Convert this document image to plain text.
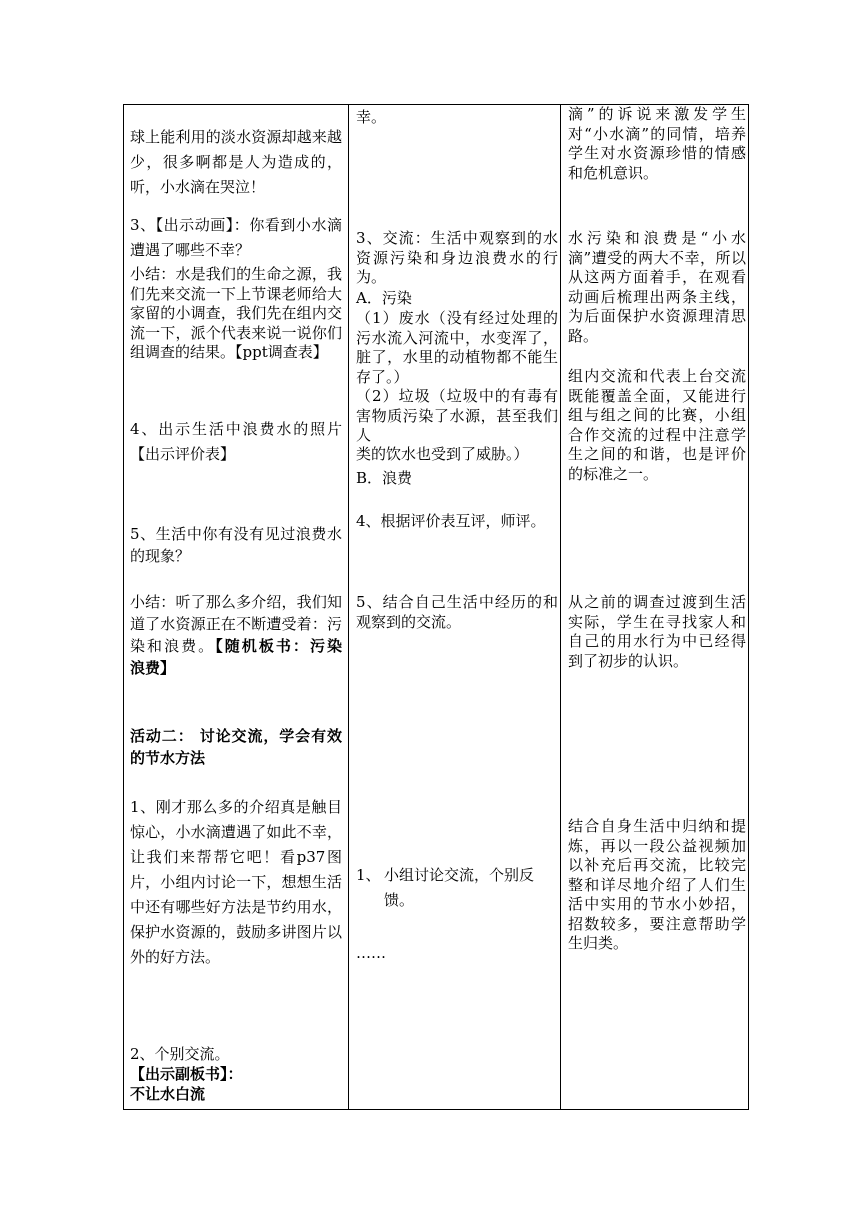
球上能利用的淡水资源却越来越少，很多啊都是人为造成的，听，小水滴在哭泣！

3、【出示动画】：你看到小水滴遭遇了哪些不幸？

小结：水是我们的生命之源，我们先来交流一下上节课老师给大家留的小调查，我们先在组内交流一下，派个代表来说一说你们组调查的结果。【ppt调查表】

4、出示生活中浪费水的照片【出示评价表】

5、生活中你有没有见过浪费水的现象？

小结：听了那么多介绍，我们知道了水资源正在不断遭受着：污染和浪费。【随机板书：污染　浪费】

活动二： 讨论交流，学会有效的节水方法

1、刚才那么多的介绍真是触目惊心，小水滴遭遇了如此不幸，让我们来帮帮它吧！看p37图片，小组内讨论一下，想想生活中还有哪些好方法是节约用水，保护水资源的，鼓励多讲图片以外的好方法。

2、个别交流。

【出示副板书】：

不让水白流

幸。

3、交流：生活中观察到的水资源污染和身边浪费水的行为。

A．污染

（1）废水（没有经过处理的污水流入河流中，水变浑了，脏了，水里的动植物都不能生存了。）

（2）垃圾（垃圾中的有毒有害物质污染了水源，甚至我们人

类的饮水也受到了威胁。）

B．浪费

4、根据评价表互评，师评。

5、结合自己生活中经历的和观察到的交流。

1、 小组讨论交流，个别反馈。

……

滴”的诉说来激发学生对“小水滴”的同情，培养学生对水资源珍惜的情感和危机意识。

水污染和浪费是“小水滴”遭受的两大不幸，所以从这两方面着手，在观看动画后梳理出两条主线，为后面保护水资源理清思路。

组内交流和代表上台交流既能覆盖全面，又能进行组与组之间的比赛，小组合作交流的过程中注意学生之间的和谐，也是评价的标准之一。

从之前的调查过渡到生活实际，学生在寻找家人和自己的用水行为中已经得到了初步的认识。

结合自身生活中归纳和提炼，再以一段公益视频加以补充后再交流，比较完整和详尽地介绍了人们生活中实用的节水小妙招，招数较多，要注意帮助学生归类。
